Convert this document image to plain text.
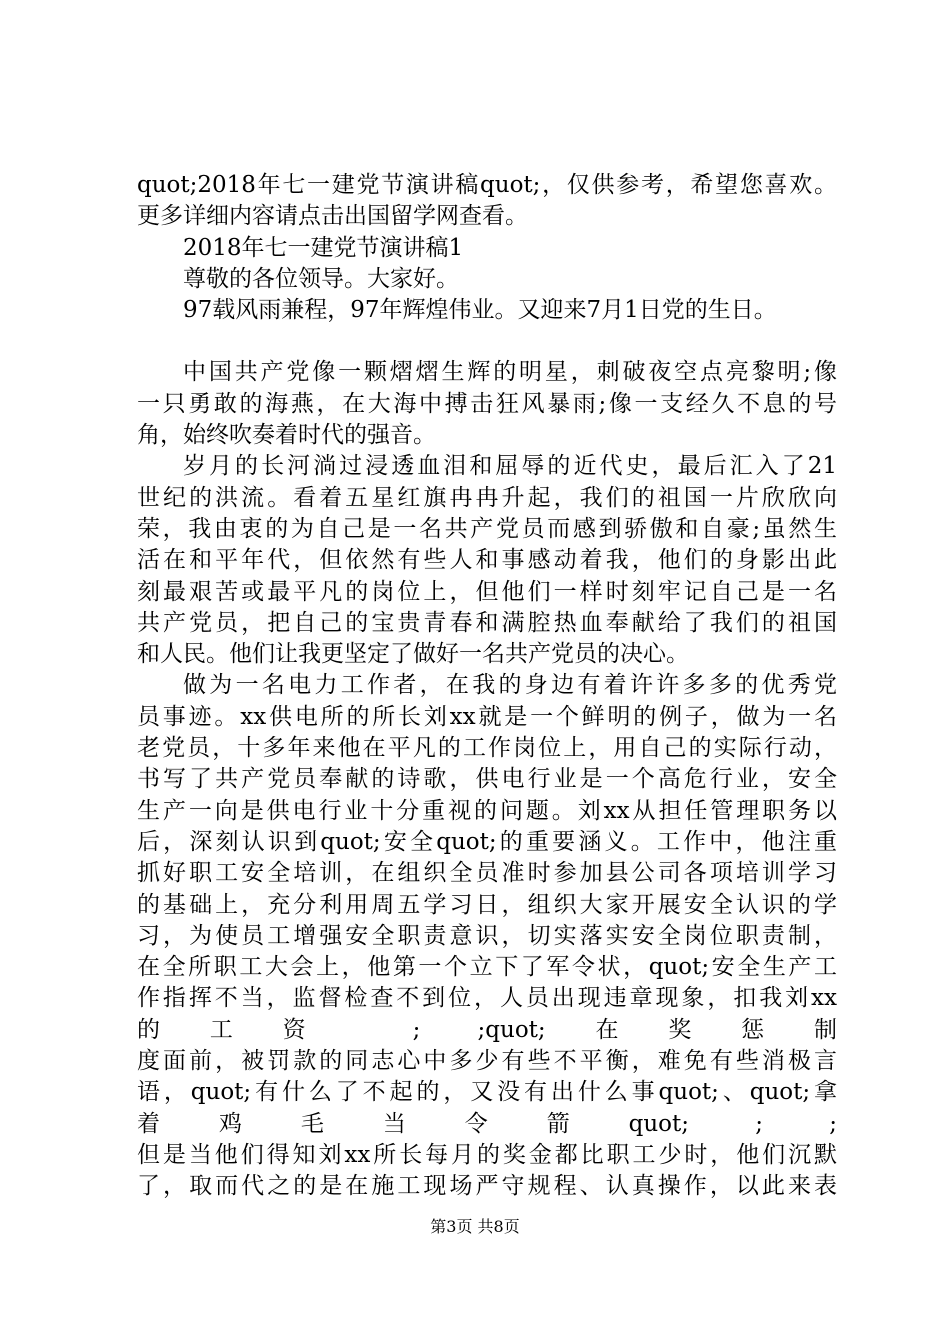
quot;2018年七一建党节演讲稿quot;，仅供参考，希望您喜欢。
更多详细内容请点击出国留学网查看。
2018年七一建党节演讲稿1
尊敬的各位领导。大家好。
97载风雨兼程，97年辉煌伟业。又迎来7月1日党的生日。
中国共产党像一颗熠熠生辉的明星，刺破夜空点亮黎明;像
一只勇敢的海燕，在大海中搏击狂风暴雨;像一支经久不息的号
角，始终吹奏着时代的强音。
岁月的长河淌过浸透血泪和屈辱的近代史，最后汇入了21
世纪的洪流。看着五星红旗冉冉升起，我们的祖国一片欣欣向
荣，我由衷的为自己是一名共产党员而感到骄傲和自豪;虽然生
活在和平年代，但依然有些人和事感动着我，他们的身影出此
刻最艰苦或最平凡的岗位上，但他们一样时刻牢记自己是一名
共产党员，把自己的宝贵青春和满腔热血奉献给了我们的祖国
和人民。他们让我更坚定了做好一名共产党员的决心。
做为一名电力工作者，在我的身边有着许许多多的优秀党
员事迹。xx供电所的所长刘xx就是一个鲜明的例子，做为一名
老党员，十多年来他在平凡的工作岗位上，用自己的实际行动，
书写了共产党员奉献的诗歌，供电行业是一个高危行业，安全
生产一向是供电行业十分重视的问题。刘xx从担任管理职务以
后，深刻认识到quot;安全quot;的重要涵义。工作中，他注重
抓好职工安全培训，在组织全员准时参加县公司各项培训学习
的基础上，充分利用周五学习日，组织大家开展安全认识的学
习，为使员工增强安全职责意识，切实落实安全岗位职责制，
在全所职工大会上，他第一个立下了军令状，quot;安全生产工
作指挥不当，监督检查不到位，人员出现违章现象，扣我刘xx
的工资 ; ;quot;在奖惩制
度面前，被罚款的同志心中多少有些不平衡，难免有些消极言
语，quot;有什么了不起的，又没有出什么事quot;、quot;拿
着鸡毛当令箭quot; ; ;
但是当他们得知刘xx所长每月的奖金都比职工少时，他们沉默
了，取而代之的是在施工现场严守规程、认真操作，以此来表
第3页 共8页
